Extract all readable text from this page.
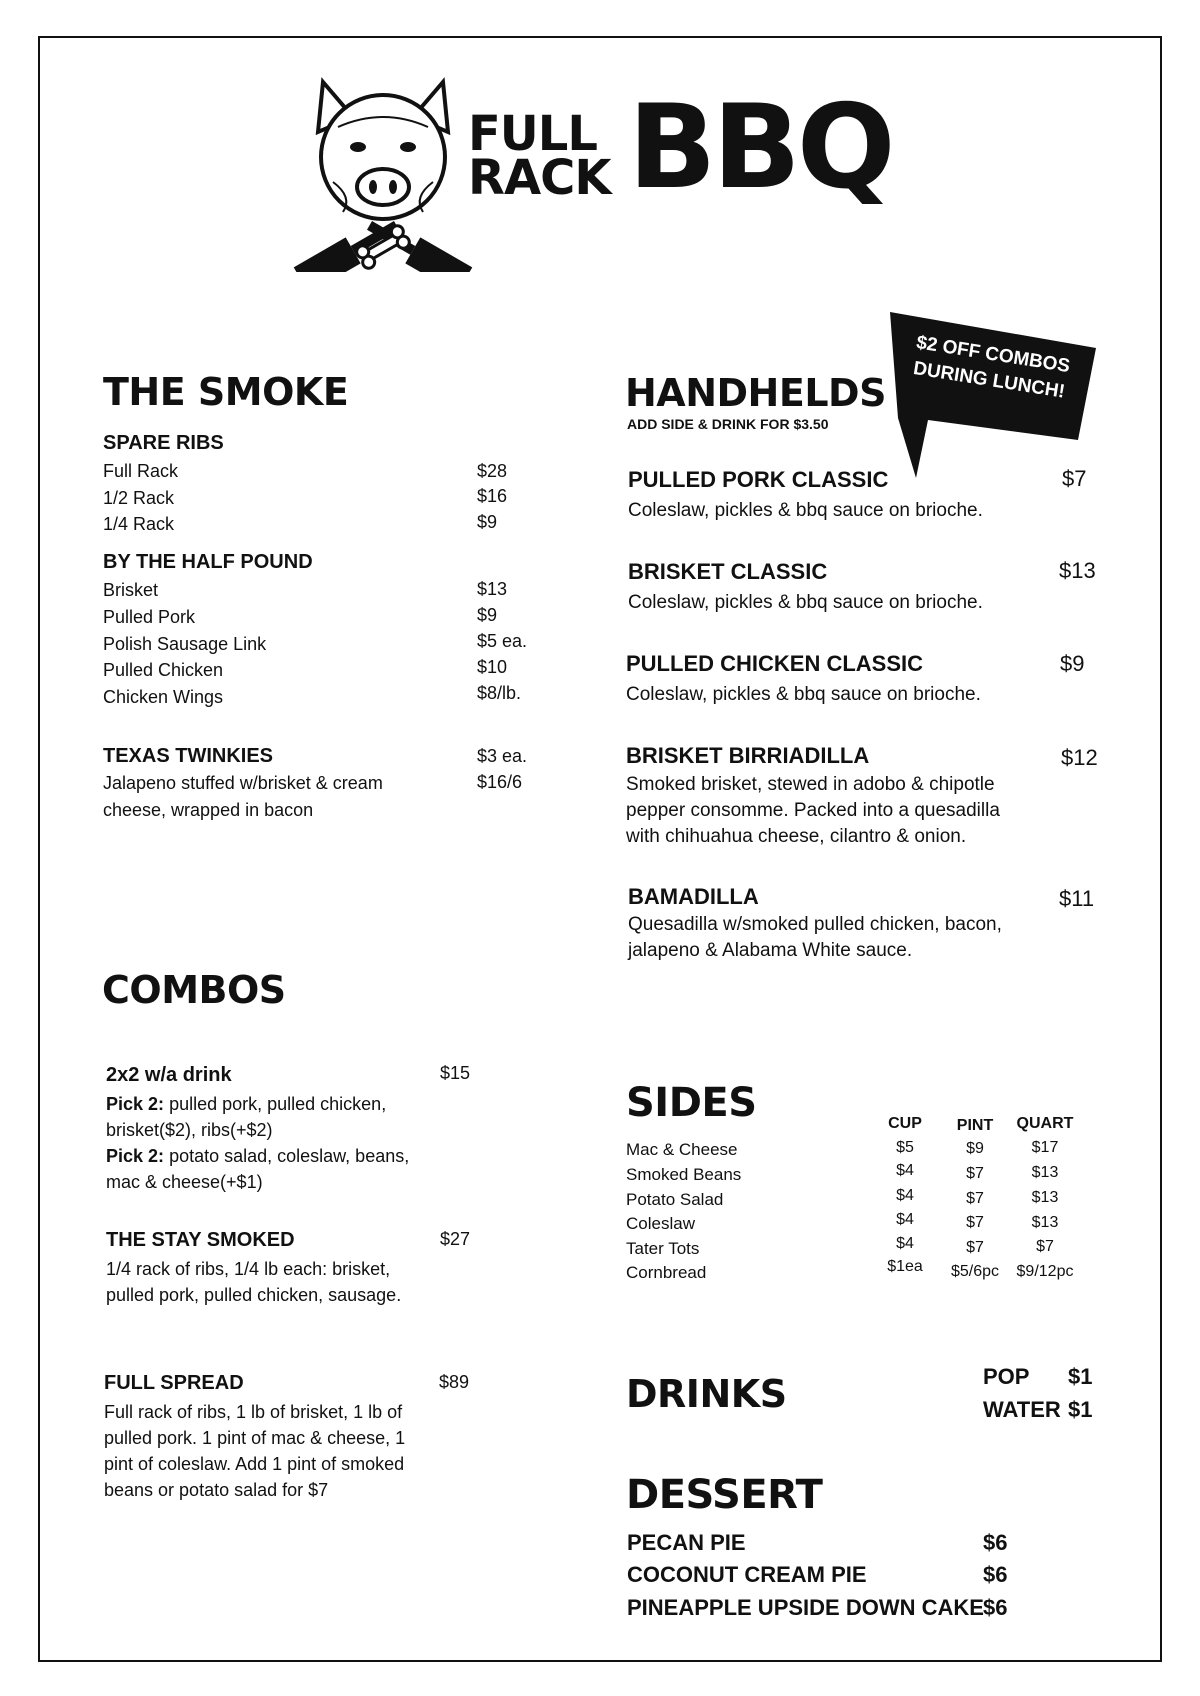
FULL
RACK BBQ
$2 OFF COMBOS DURING LUNCH!
THE SMOKE
SPARE RIBS
Full Rack	$28
1/2 Rack	$16
1/4 Rack	$9
BY THE HALF POUND
Brisket	$13
Pulled Pork	$9
Polish Sausage Link	$5 ea.
Pulled Chicken	$10
Chicken Wings	$8/lb.
TEXAS TWINKIES	$3 ea.
Jalapeno stuffed w/brisket & cream	$16/6
cheese, wrapped in bacon
HANDHELDS
ADD SIDE & DRINK FOR $3.50
PULLED PORK CLASSIC	$7
Coleslaw, pickles & bbq sauce on brioche.
BRISKET CLASSIC	$13
Coleslaw, pickles & bbq sauce on brioche.
PULLED CHICKEN CLASSIC	$9
Coleslaw, pickles & bbq sauce on brioche.
BRISKET BIRRIADILLA	$12
Smoked brisket, stewed in adobo & chipotle pepper consomme. Packed into a quesadilla with chihuahua cheese, cilantro & onion.
BAMADILLA	$11
Quesadilla w/smoked pulled chicken, bacon, jalapeno & Alabama White sauce.
COMBOS
2x2 w/a drink	$15
Pick 2: pulled pork, pulled chicken, brisket($2), ribs(+$2)
Pick 2: potato salad, coleslaw, beans, mac & cheese(+$1)
THE STAY SMOKED	$27
1/4 rack of ribs, 1/4 lb each: brisket, pulled pork, pulled chicken, sausage.
FULL SPREAD	$89
Full rack of ribs, 1 lb of brisket, 1 lb of pulled pork. 1 pint of mac & cheese, 1 pint of coleslaw. Add 1 pint of smoked beans or potato salad for $7
SIDES	CUP	PINT	QUART
Mac & Cheese	$5	$9	$17
Smoked Beans	$4	$7	$13
Potato Salad	$4	$7	$13
Coleslaw	$4	$7	$13
Tater Tots	$4	$7	$7
Cornbread	$1ea	$5/6pc	$9/12pc
DRINKS	POP $1
WATER $1
DESSERT
PECAN PIE	$6
COCONUT CREAM PIE	$6
PINEAPPLE UPSIDE DOWN CAKE $6
